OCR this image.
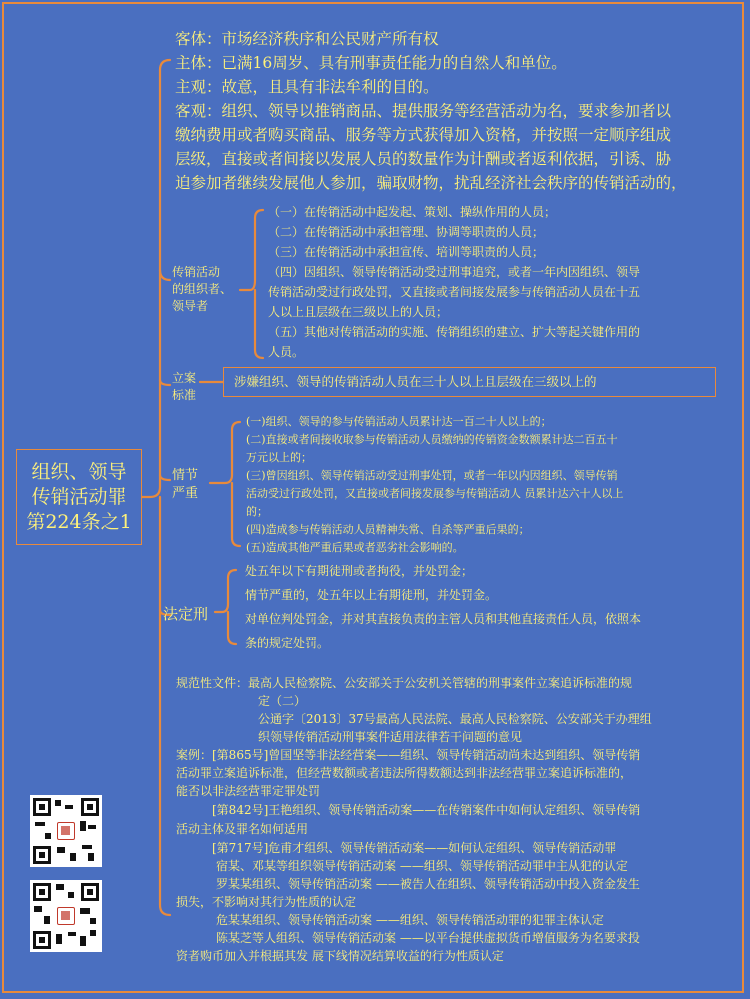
组织、领导
传销活动罪
第224条之1
客体：市场经济秩序和公民财产所有权
主体：已满16周岁、具有刑事责任能力的自然人和单位。
主观：故意，且具有非法牟利的目的。
客观：组织、领导以推销商品、提供服务等经营活动为名，要求参加者以
缴纳费用或者购买商品、服务等方式获得加入资格，并按照一定顺序组成
层级，直接或者间接以发展人员的数量作为计酬或者返利依据，引诱、胁
迫参加者继续发展他人参加，骗取财物，扰乱经济社会秩序的传销活动的，
传销活动
的组织者、
领导者
（一）在传销活动中起发起、策划、操纵作用的人员；
（二）在传销活动中承担管理、协调等职责的人员；
（三）在传销活动中承担宣传、培训等职责的人员；
（四）因组织、领导传销活动受过刑事追究，或者一年内因组织、领导
传销活动受过行政处罚，又直接或者间接发展参与传销活动人员在十五
人以上且层级在三级以上的人员；
（五）其他对传销活动的实施、传销组织的建立、扩大等起关键作用的
人员。
立案
标准
涉嫌组织、领导的传销活动人员在三十人以上且层级在三级以上的
情节
严重
(一)组织、领导的参与传销活动人员累计达一百二十人以上的；
(二)直接或者间接收取参与传销活动人员缴纳的传销资金数额累计达二百五十
万元以上的；
(三)曾因组织、领导传销活动受过刑事处罚，或者一年以内因组织、领导传销
活动受过行政处罚，又直接或者间接发展参与传销活动人 员累计达六十人以上
的；
(四)造成参与传销活动人员精神失常、自杀等严重后果的；
(五)造成其他严重后果或者恶劣社会影响的。
法定刑
处五年以下有期徒刑或者拘役，并处罚金；
情节严重的，处五年以上有期徒刑，并处罚金。
对单位判处罚金，并对其直接负责的主管人员和其他直接责任人员，依照本
条的规定处罚。
规范性文件：最高人民检察院、公安部关于公安机关管辖的刑事案件立案追诉标准的规
定（二）
公通字〔2013〕37号最高人民法院、最高人民检察院、公安部关于办理组
织领导传销活动刑事案件适用法律若干问题的意见
案例：[第865号]曾国坚等非法经营案——组织、领导传销活动尚未达到组织、领导传销
活动罪立案追诉标准，但经营数额或者违法所得数额达到非法经营罪立案追诉标准的，
能否以非法经营罪定罪处罚
[第842号]王艳组织、领导传销活动案——在传销案件中如何认定组织、领导传销
活动主体及罪名如何适用
[第717号]危甫才组织、领导传销活动案——如何认定组织、领导传销活动罪
宿某、邓某等组织领导传销活动案 ——组织、领导传销活动罪中主从犯的认定
罗某某组织、领导传销活动案 ——被告人在组织、领导传销活动中投入资金发生
损失，不影响对其行为性质的认定
危某某组织、领导传销活动案 ——组织、领导传销活动罪的犯罪主体认定
陈某芝等人组织、领导传销活动案 ——以平台提供虚拟货币增值服务为名要求投
资者购币加入并根据其发 展下线情况结算收益的行为性质认定
